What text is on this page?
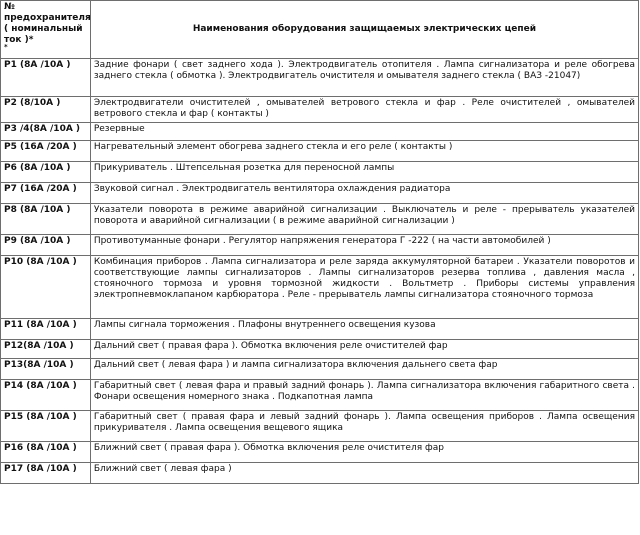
№
предохранителя
( номинальный
ток )*
*	Наименования оборудования защищаемых электрических цепей
P1 (8A /10A )	Задние фонари ( свет заднего хода ). Электродвигатель отопителя . Лампа сигнализатора и реле обогрева заднего стекла ( обмотка ). Электродвигатель очистителя и омывателя заднего стекла ( ВАЗ -21047)
P2 (8/10A )	Электродвигатели очистителей , омывателей ветрового стекла и фар . Реле очистителей , омывателей ветрового стекла и фар ( контакты )
P3 /4(8A /10A )	Резервные
P5 (16A /20A )	Нагревательный элемент обогрева заднего стекла и его реле ( контакты )
P6 (8A /10A )	Прикуриватель . Штепсельная розетка для переносной лампы
P7 (16A /20A )	Звуковой сигнал . Электродвигатель вентилятора охлаждения радиатора
P8 (8A /10A )	Указатели поворота в режиме аварийной сигнализации . Выключатель и реле - прерыватель указателей поворота и аварийной сигнализации ( в режиме аварийной сигнализации )
P9 (8A /10A )	Противотуманные фонари . Регулятор напряжения генератора Г -222 ( на части автомобилей )
P10 (8A /10A )	Комбинация приборов . Лампа сигнализатора и реле заряда аккумуляторной батареи . Указатели поворотов и соответствующие лампы сигнализаторов . Лампы сигнализаторов резерва топлива , давления масла , стояночного тормоза и уровня тормозной жидкости . Вольтметр . Приборы системы управления электропневмоклапаном карбюратора . Реле - прерыватель лампы сигнализатора стояночного тормоза
P11 (8A /10A )	Лампы сигнала торможения . Плафоны внутреннего освещения кузова
P12(8A /10A )	Дальний свет ( правая фара ). Обмотка включения реле очистителей фар
P13(8A /10A )	Дальний свет ( левая фара ) и лампа сигнализатора включения дальнего света фар
P14 (8A /10A )	Габаритный свет ( левая фара и правый задний фонарь ). Лампа сигнализатора включения габаритного света . Фонари освещения номерного знака . Подкапотная лампа
P15 (8A /10A )	Габаритный свет ( правая фара и левый задний фонарь ). Лампа освещения приборов . Лампа освещения прикуривателя . Лампа освещения вещевого ящика
P16 (8A /10A )	Ближний свет ( правая фара ). Обмотка включения реле очистителя фар
P17 (8A /10A )	Ближний свет ( левая фара )
